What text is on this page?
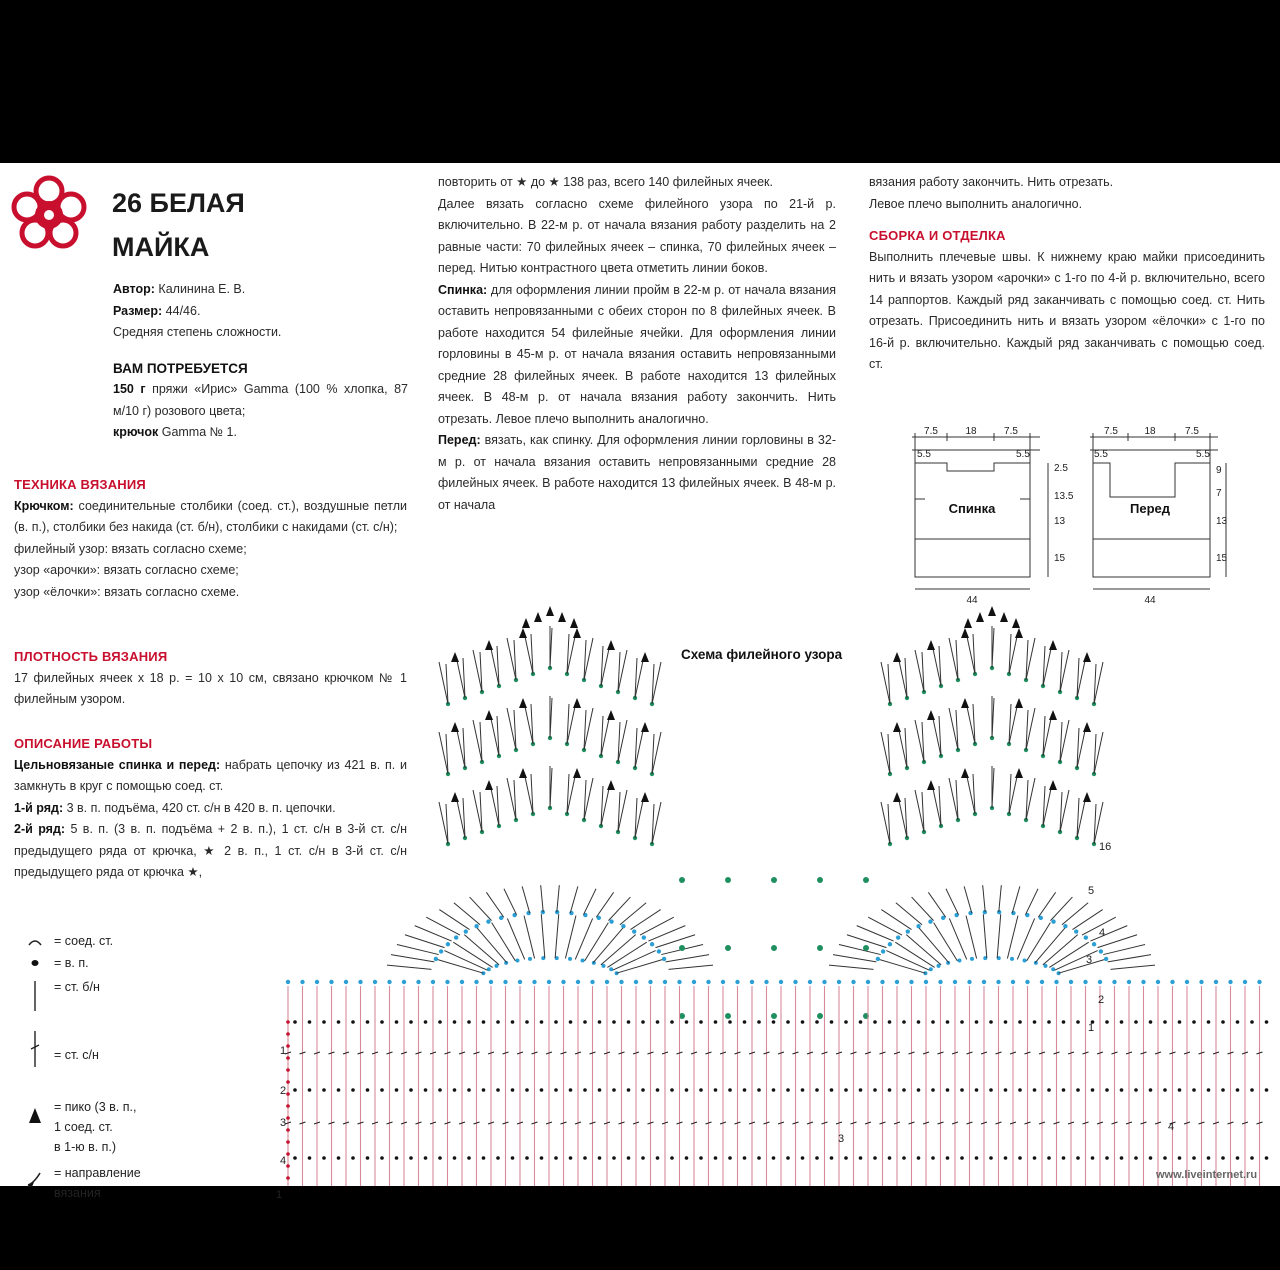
26 БЕЛАЯ
МАЙКА
Автор: Калинина Е. В.
Размер: 44/46.
Средняя степень сложности.
ВАМ ПОТРЕБУЕТСЯ

150 г пряжи «Ирис» Gamma (100 % хлопка, 87 м/10 г) розового цвета;

крючок Gamma № 1.
ТЕХНИКА ВЯЗАНИЯ

Крючком: соединительные столбики (соед. ст.), воздушные петли (в. п.), столбики без накида (ст. б/н), столбики с накидами (ст. с/н);

филейный узор: вязать согласно схеме;
узор «арочки»: вязать согласно схеме;
узор «ёлочки»: вязать согласно схеме.
ПЛОТНОСТЬ ВЯЗАНИЯ

17 филейных ячеек х 18 р. = 10 х 10 см, связано крючком № 1 филейным узором.

ОПИСАНИЕ РАБОТЫ

Цельновязаные спинка и перед: набрать цепочку из 421 в. п. и замкнуть в круг с помощью соед. ст.

1-й ряд: 3 в. п. подъёма, 420 ст. с/н в 420 в. п. цепочки.

2-й ряд: 5 в. п. (3 в. п. подъёма + 2 в. п.), 1 ст. с/н в 3-й ст. с/н предыдущего ряда от крючка, ★ 2 в. п., 1 ст. с/н в 3-й ст. с/н предыдущего ряда от крючка ★,

повторить от ★ до ★ 138 раз, всего 140 филейных ячеек.

Далее вязать согласно схеме филейного узора по 21-й р. включительно. В 22-м р. от начала вязания работу разделить на 2 равные части: 70 филейных ячеек – спинка, 70 филейных ячеек – перед. Нитью контрастного цвета отметить линии боков.

Спинка: для оформления линии пройм в 22-м р. от начала вязания оставить непровязанными с обеих сторон по 8 филейных ячеек. В работе находится 54 филейные ячейки. Для оформления линии горловины в 45-м р. от начала вязания оставить непровязанными средние 28 филейных ячеек. В работе находится 13 филейных ячеек. В 48-м р. от начала вязания работу закончить. Нить отрезать. Левое плечо выполнить аналогично.

Перед: вязать, как спинку. Для оформления линии горловины в 32-м р. от начала вязания оставить непровязанными средние 28 филейных ячеек. В работе находится 13 филейных ячеек. В 48-м р. от начала

вязания работу закончить. Нить отрезать.
Левое плечо выполнить аналогично.
СБОРКА И ОТДЕЛКА

Выполнить плечевые швы. К нижнему краю майки присоединить нить и вязать узором «арочки» с 1-го по 4-й р. включительно, всего 14 раппортов. Каждый ряд заканчивать с помощью соед. ст. Нить отрезать. Присоединить нить и вязать узором «ёлочки» с 1-го по 16-й р. включительно. Каждый ряд заканчивать с помощью соед. ст.

7.5	18	7.5
5.5	5.5
2.5
13.5
13
15
44
7.5	18	7.5
5.5	5.5
9
7
13
15
44
Спинка	Перед
Схема филейного узора
1
2
3
4
16
5
4
3
2
1
3
4
1
= соед. ст.
= в. п.
= ст. б/н
= ст. с/н
= пико (3 в. п.,
1 соед. ст.
в 1-ю в. п.)
= направление
вязания
www.liveinternet.ru
